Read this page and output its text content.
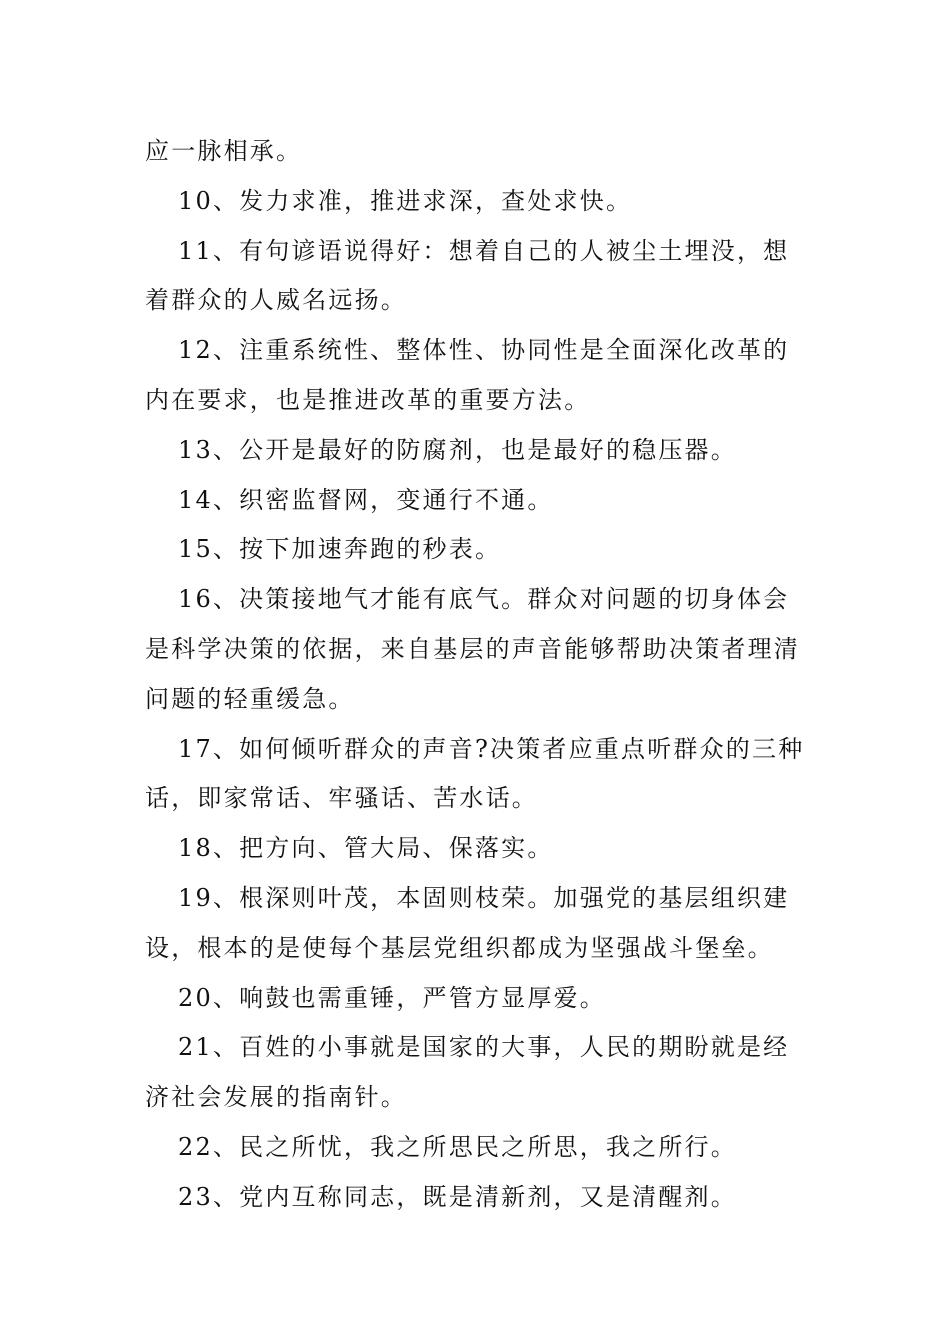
应一脉相承。

10、发力求准，推进求深，查处求快。

11、有句谚语说得好：想着自己的人被尘土埋没，想着群众的人威名远扬。

12、注重系统性、整体性、协同性是全面深化改革的内在要求，也是推进改革的重要方法。

13、公开是最好的防腐剂，也是最好的稳压器。

14、织密监督网，变通行不通。

15、按下加速奔跑的秒表。

16、决策接地气才能有底气。群众对问题的切身体会是科学决策的依据，来自基层的声音能够帮助决策者理清问题的轻重缓急。

17、如何倾听群众的声音?决策者应重点听群众的三种话，即家常话、牢骚话、苦水话。

18、把方向、管大局、保落实。

19、根深则叶茂，本固则枝荣。加强党的基层组织建设，根本的是使每个基层党组织都成为坚强战斗堡垒。

20、响鼓也需重锤，严管方显厚爱。

21、百姓的小事就是国家的大事，人民的期盼就是经济社会发展的指南针。

22、民之所忧，我之所思民之所思，我之所行。

23、党内互称同志，既是清新剂，又是清醒剂。
